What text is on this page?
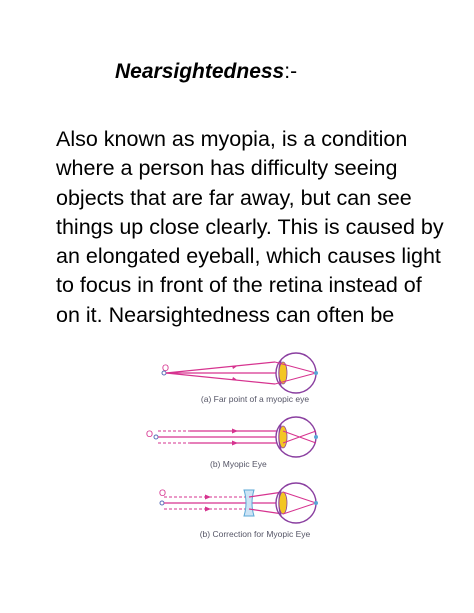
Nearsightedness:-
Also known as myopia, is a condition
where a person has difficulty seeing
objects that are far away, but can see
things up close clearly. This is caused by
an elongated eyeball, which causes light
to focus in front of the retina instead of
on it. Nearsightedness can often be
O
(a) Far point of a myopic eye
O
(b) Myopic Eye
O
(b) Correction for Myopic Eye
